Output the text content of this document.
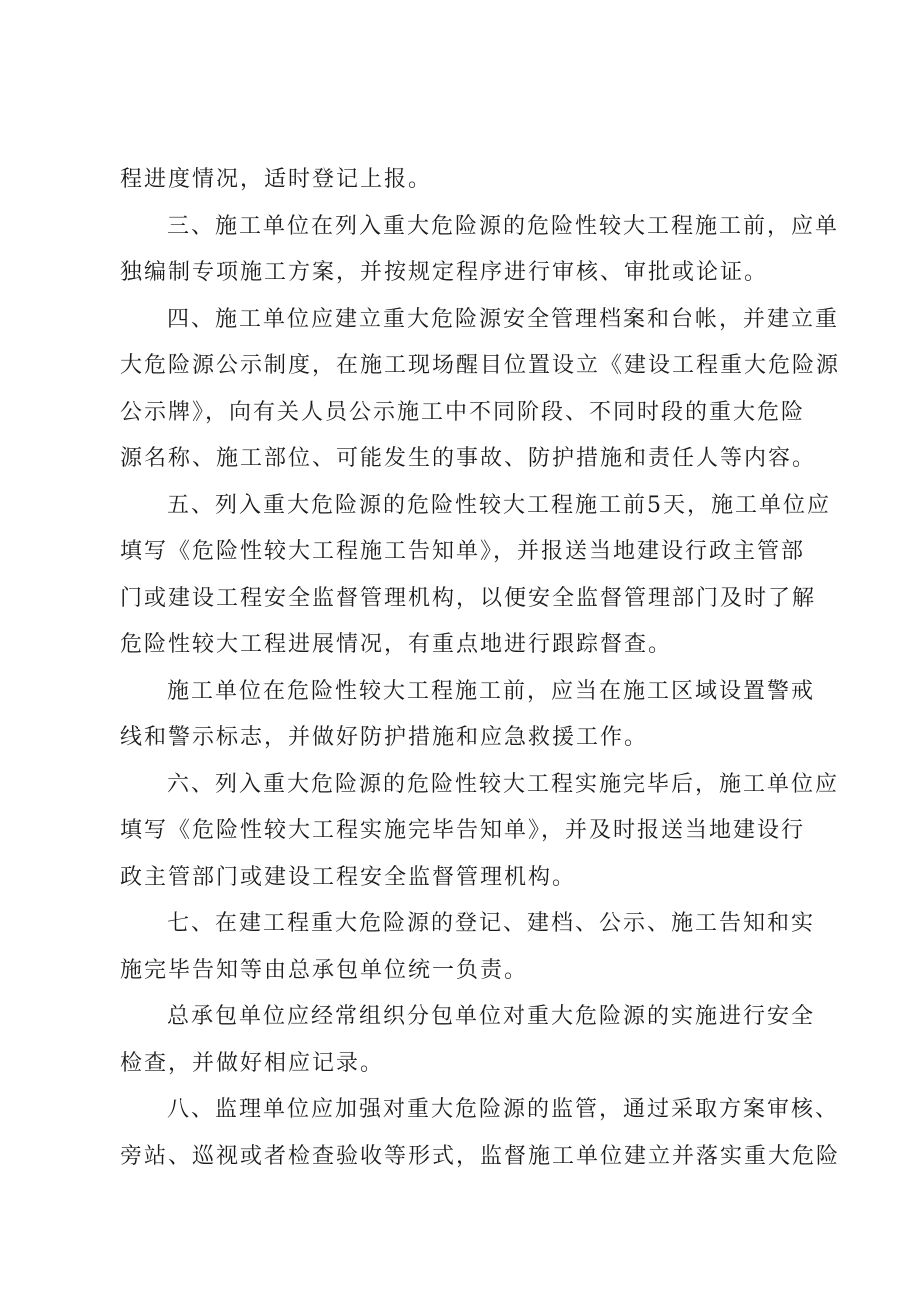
程进度情况，适时登记上报。
三、施工单位在列入重大危险源的危险性较大工程施工前，应单
独编制专项施工方案，并按规定程序进行审核、审批或论证。
四、施工单位应建立重大危险源安全管理档案和台帐，并建立重
大危险源公示制度，在施工现场醒目位置设立《建设工程重大危险源
公示牌》，向有关人员公示施工中不同阶段、不同时段的重大危险
源名称、施工部位、可能发生的事故、防护措施和责任人等内容。
五、列入重大危险源的危险性较大工程施工前5天，施工单位应
填写《危险性较大工程施工告知单》，并报送当地建设行政主管部
门或建设工程安全监督管理机构，以便安全监督管理部门及时了解
危险性较大工程进展情况，有重点地进行跟踪督查。
施工单位在危险性较大工程施工前，应当在施工区域设置警戒
线和警示标志，并做好防护措施和应急救援工作。
六、列入重大危险源的危险性较大工程实施完毕后，施工单位应
填写《危险性较大工程实施完毕告知单》，并及时报送当地建设行
政主管部门或建设工程安全监督管理机构。
七、在建工程重大危险源的登记、建档、公示、施工告知和实
施完毕告知等由总承包单位统一负责。
总承包单位应经常组织分包单位对重大危险源的实施进行安全
检查，并做好相应记录。
八、监理单位应加强对重大危险源的监管，通过采取方案审核、
旁站、巡视或者检查验收等形式，监督施工单位建立并落实重大危险
